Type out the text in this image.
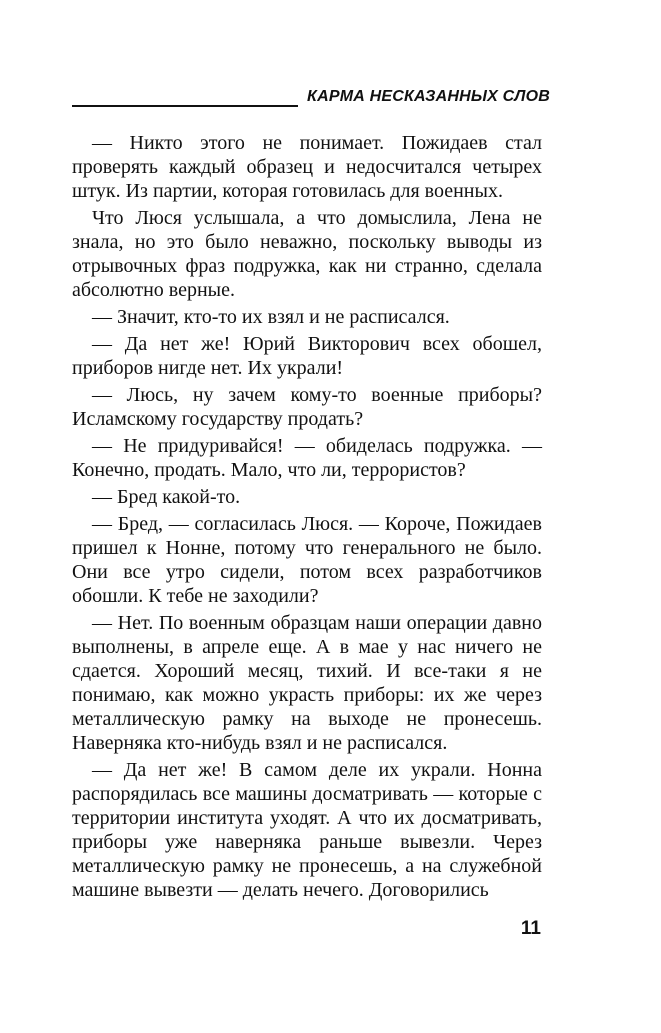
КАРМА НЕСКАЗАННЫХ СЛОВ

— Никто этого не понимает. Пожидаев стал проверять каждый образец и недосчитался четырех штук. Из партии, которая готовилась для военных.

Что Люся услышала, а что домыслила, Лена не знала, но это было неважно, поскольку выводы из отрывочных фраз подружка, как ни странно, сделала абсолютно верные.

— Значит, кто-то их взял и не расписался.

— Да нет же! Юрий Викторович всех обошел, приборов нигде нет. Их украли!

— Люсь, ну зачем кому-то военные приборы? Исламскому государству продать?

— Не придуривайся! — обиделась подружка. — Конечно, продать. Мало, что ли, террористов?

— Бред какой-то.

— Бред, — согласилась Люся. — Короче, Пожидаев пришел к Нонне, потому что генерального не было. Они все утро сидели, потом всех разработчиков обошли. К тебе не заходили?

— Нет. По военным образцам наши операции давно выполнены, в апреле еще. А в мае у нас ничего не сдается. Хороший месяц, тихий. И все-таки я не понимаю, как можно украсть приборы: их же через металлическую рамку на выходе не пронесешь. Наверняка кто-нибудь взял и не расписался.

— Да нет же! В самом деле их украли. Нонна распорядилась все машины досматривать — которые с территории института уходят. А что их досматривать, приборы уже наверняка раньше вывезли. Через металлическую рамку не пронесешь, а на служебной машине вывезти — делать нечего. Договорились

11
